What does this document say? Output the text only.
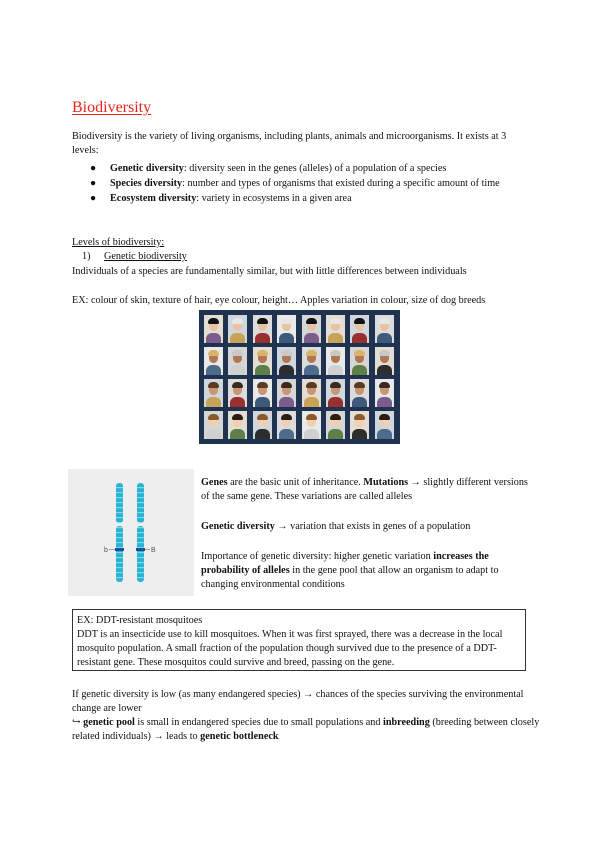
Biodiversity

Biodiversity is the variety of living organisms, including plants, animals and microorganisms. It exists at 3 levels:

● Genetic diversity: diversity seen in the genes (alleles) of a population of a species
● Species diversity: number and types of organisms that existed during a specific amount of time
● Ecosystem diversity: variety in ecosystems in a given area

Levels of biodiversity:

1) Genetic biodiversity

Individuals of a species are fundamentally similar, but with little differences between individuals

EX: colour of skin, texture of hair, eye colour, height… Apples variation in colour, size of dog breeds

b	B

Genes are the basic unit of inheritance. Mutations → slightly different versions of the same gene. These variations are called alleles

Genetic diversity → variation that exists in genes of a population

Importance of genetic diversity: higher genetic variation increases the probability of alleles in the gene pool that allow an organism to adapt to changing environmental conditions

EX: DDT-resistant mosquitoes
DDT is an insecticide use to kill mosquitoes. When it was first sprayed, there was a decrease in the local mosquito population. A small fraction of the population though survived due to the presence of a DDT-resistant gene. These mosquitos could survive and breed, passing on the gene.

If genetic diversity is low (as many endangered species) → chances of the species surviving the environmental change are lower

↪ genetic pool is small in endangered species due to small populations and inbreeding (breeding between closely related individuals) → leads to genetic bottleneck
